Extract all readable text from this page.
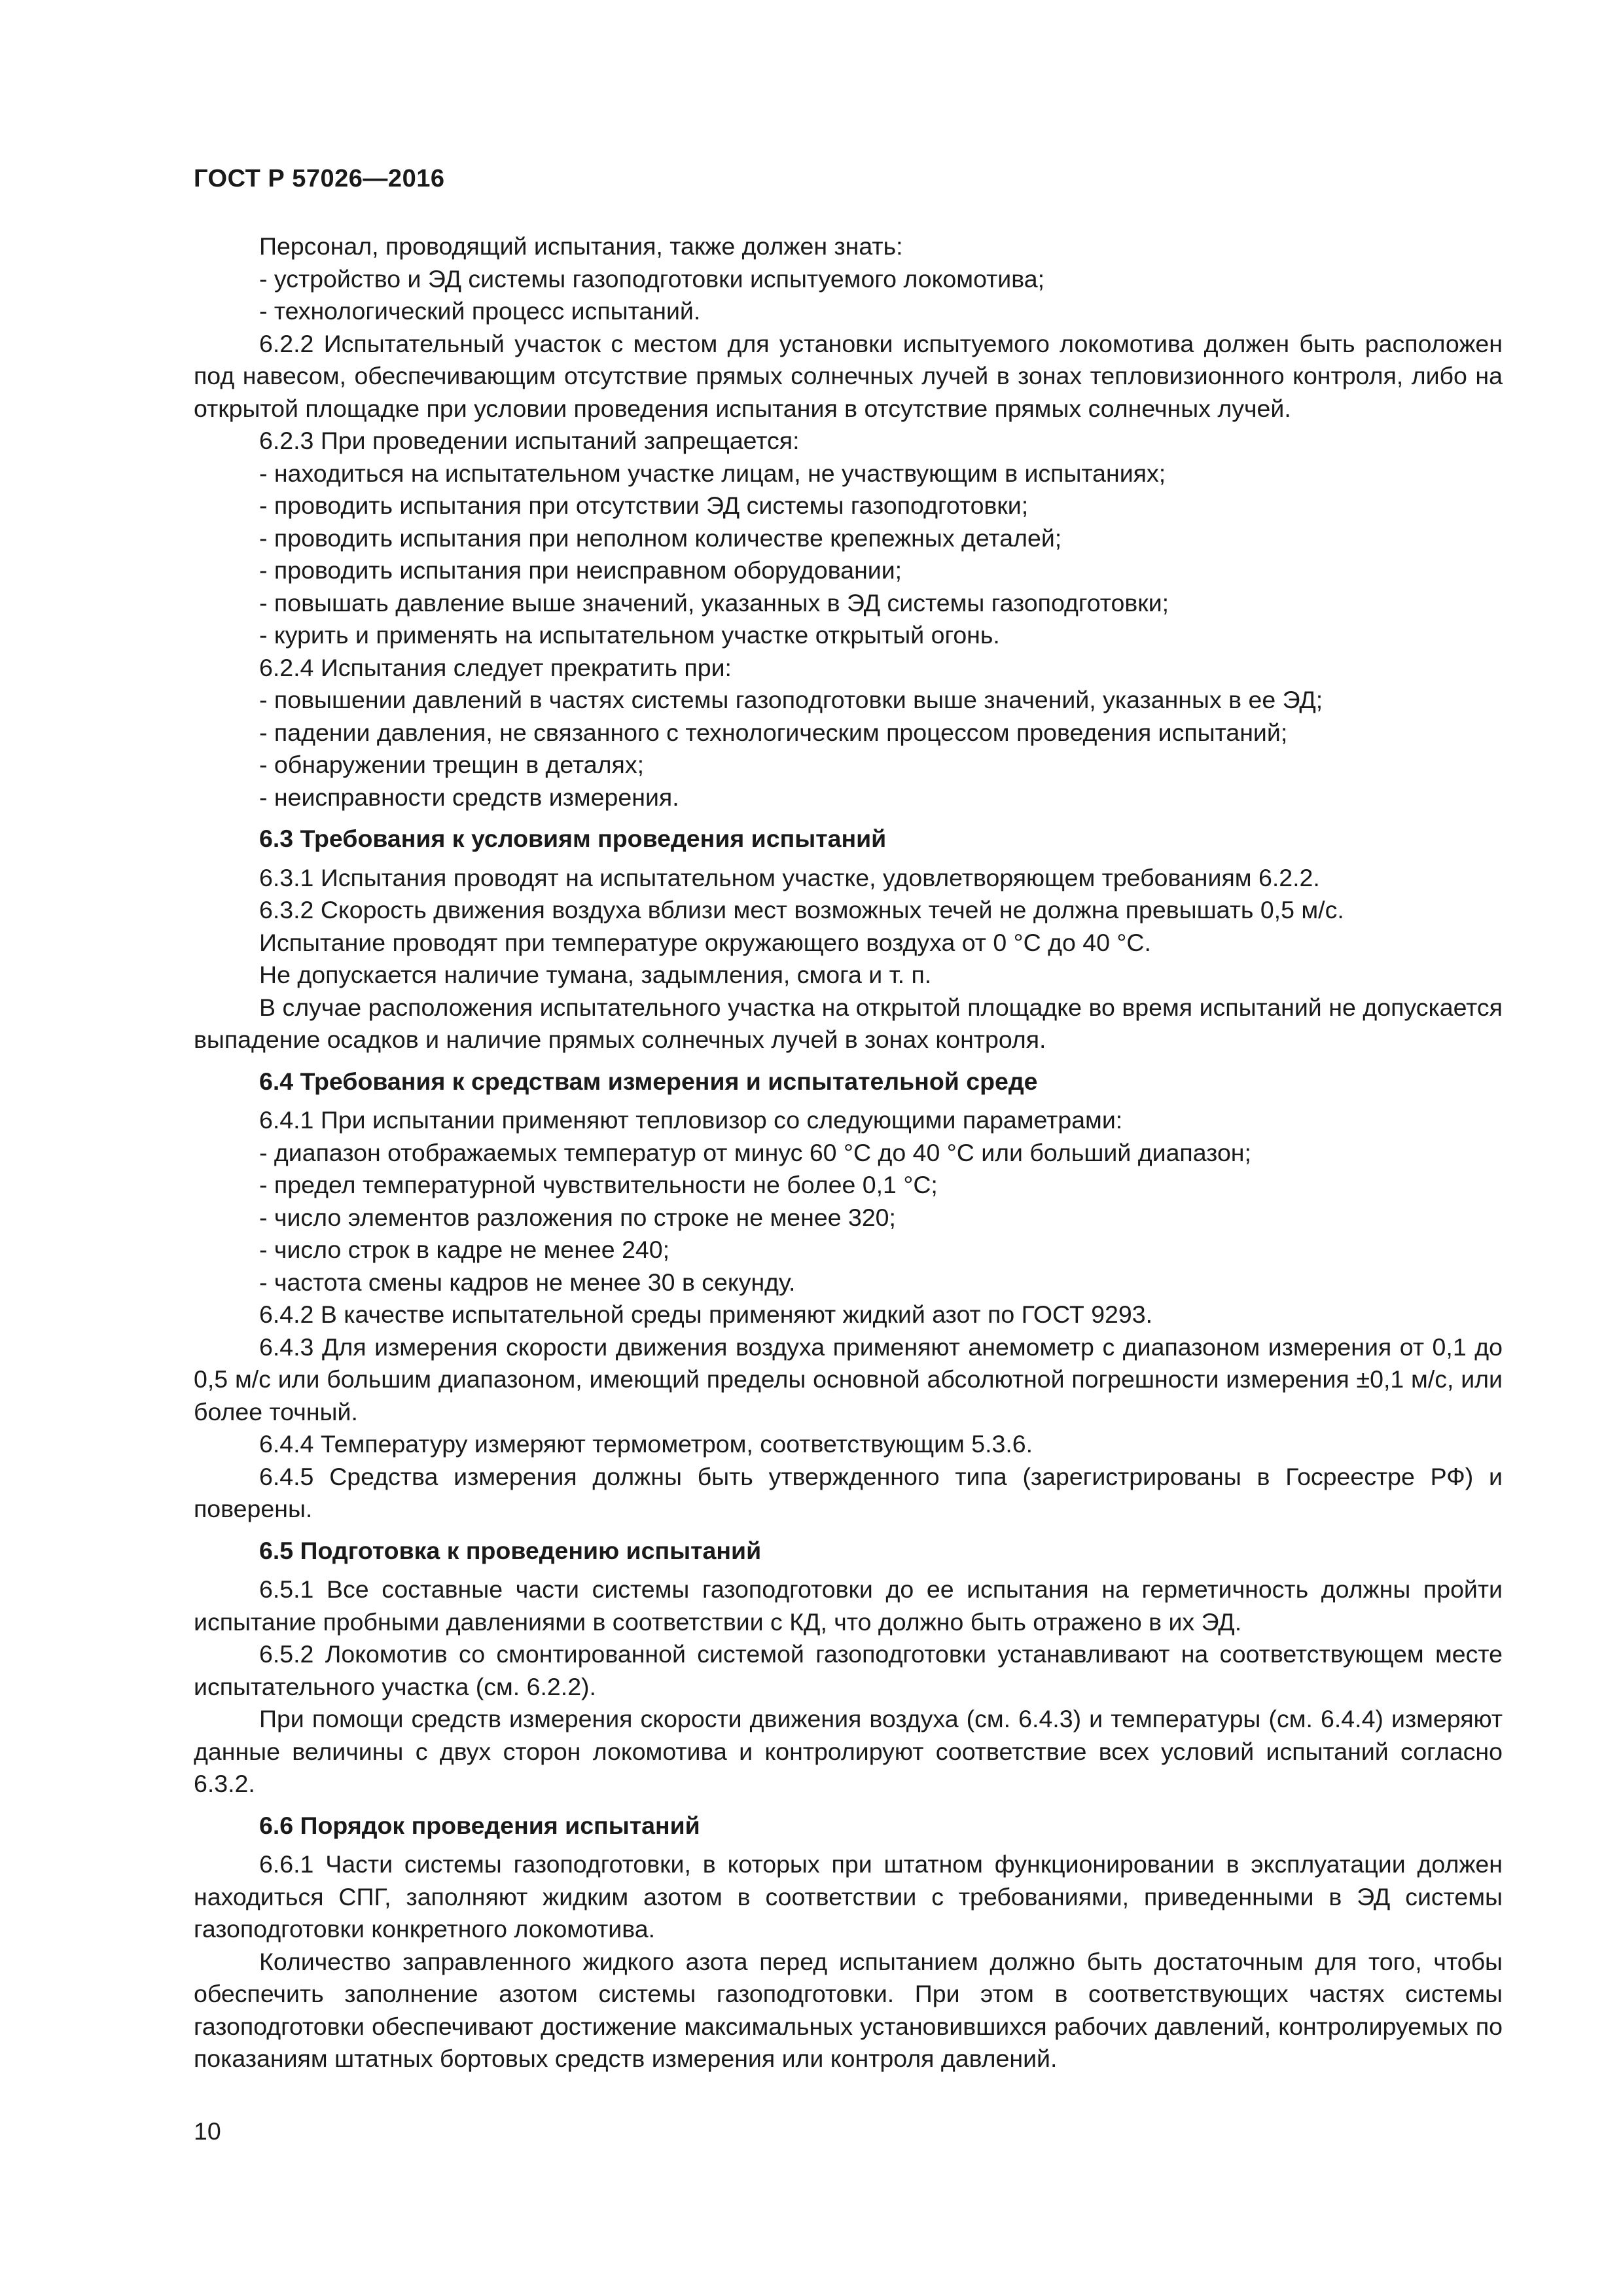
ГОСТ Р 57026—2016

Персонал, проводящий испытания, также должен знать:

- устройство и ЭД системы газоподготовки испытуемого локомотива;

- технологический процесс испытаний.

6.2.2 Испытательный участок с местом для установки испытуемого локомотива должен быть расположен под навесом, обеспечивающим отсутствие прямых солнечных лучей в зонах тепловизионного контроля, либо на открытой площадке при условии проведения испытания в отсутствие прямых солнечных лучей.

6.2.3 При проведении испытаний запрещается:

- находиться на испытательном участке лицам, не участвующим в испытаниях;

- проводить испытания при отсутствии ЭД системы газоподготовки;

- проводить испытания при неполном количестве крепежных деталей;

- проводить испытания при неисправном оборудовании;

- повышать давление выше значений, указанных в ЭД системы газоподготовки;

- курить и применять на испытательном участке открытый огонь.

6.2.4 Испытания следует прекратить при:

- повышении давлений в частях системы газоподготовки выше значений, указанных в ее ЭД;

- падении давления, не связанного с технологическим процессом проведения испытаний;

- обнаружении трещин в деталях;

- неисправности средств измерения.

6.3 Требования к условиям проведения испытаний

6.3.1 Испытания проводят на испытательном участке, удовлетворяющем требованиям 6.2.2.

6.3.2 Скорость движения воздуха вблизи мест возможных течей не должна превышать 0,5 м/с.

Испытание проводят при температуре окружающего воздуха от 0 °С до 40 °С.

Не допускается наличие тумана, задымления, смога и т. п.

В случае расположения испытательного участка на открытой площадке во время испытаний не допускается выпадение осадков и наличие прямых солнечных лучей в зонах контроля.

6.4 Требования к средствам измерения и испытательной среде

6.4.1 При испытании применяют тепловизор со следующими параметрами:

- диапазон отображаемых температур от минус 60 °С до 40 °С или больший диапазон;

- предел температурной чувствительности не более 0,1 °С;

- число элементов разложения по строке не менее 320;

- число строк в кадре не менее 240;

- частота смены кадров не менее 30 в секунду.

6.4.2 В качестве испытательной среды применяют жидкий азот по ГОСТ 9293.

6.4.3 Для измерения скорости движения воздуха применяют анемометр с диапазоном измерения от 0,1 до 0,5 м/с или большим диапазоном, имеющий пределы основной абсолютной погрешности измерения ±0,1 м/с, или более точный.

6.4.4 Температуру измеряют термометром, соответствующим 5.3.6.

6.4.5 Средства измерения должны быть утвержденного типа (зарегистрированы в Госреестре РФ) и поверены.

6.5 Подготовка к проведению испытаний

6.5.1 Все составные части системы газоподготовки до ее испытания на герметичность должны пройти испытание пробными давлениями в соответствии с КД, что должно быть отражено в их ЭД.

6.5.2 Локомотив со смонтированной системой газоподготовки устанавливают на соответствующем месте испытательного участка (см. 6.2.2).

При помощи средств измерения скорости движения воздуха (см. 6.4.3) и температуры (см. 6.4.4) измеряют данные величины с двух сторон локомотива и контролируют соответствие всех условий испытаний согласно 6.3.2.

6.6 Порядок проведения испытаний

6.6.1 Части системы газоподготовки, в которых при штатном функционировании в эксплуатации должен находиться СПГ, заполняют жидким азотом в соответствии с требованиями, приведенными в ЭД системы газоподготовки конкретного локомотива.

Количество заправленного жидкого азота перед испытанием должно быть достаточным для того, чтобы обеспечить заполнение азотом системы газоподготовки. При этом в соответствующих частях системы газоподготовки обеспечивают достижение максимальных установившихся рабочих давлений, контролируемых по показаниям штатных бортовых средств измерения или контроля давлений.

10
